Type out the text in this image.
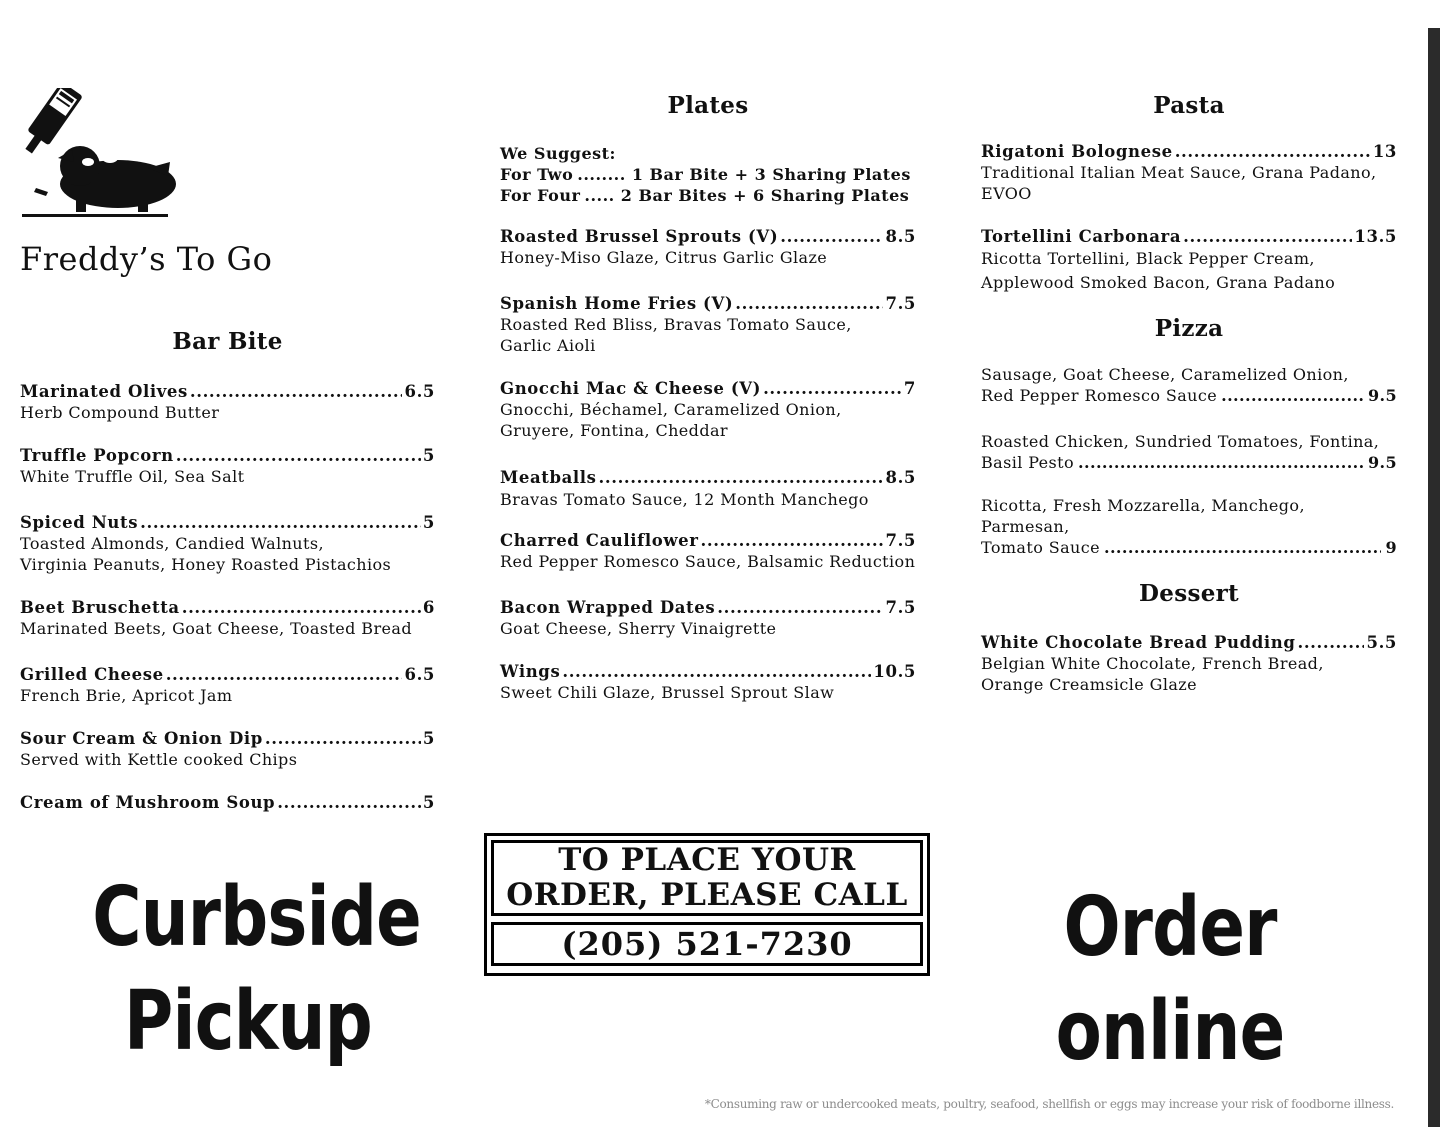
Freddy’s To Go
Bar Bite
Marinated Olives .....	6.5
Herb Compound Butter
Truffle Popcorn .....	5
White Truffle Oil, Sea Salt
Spiced Nuts .....	5
Toasted Almonds, Candied Walnuts,
Virginia Peanuts, Honey Roasted Pistachios
Beet Bruschetta .....	6
Marinated Beets, Goat Cheese, Toasted Bread
Grilled Cheese .....	6.5
French Brie, Apricot Jam
Sour Cream & Onion Dip .....	5
Served with Kettle cooked Chips
Cream of Mushroom Soup .....	5
Plates
Roasted Brussel Sprouts (V) .....	8.5
Honey-Miso Glaze, Citrus Garlic Glaze
Spanish Home Fries (V) .....	7.5
Roasted Red Bliss, Bravas Tomato Sauce,
Garlic Aioli
Gnocchi Mac & Cheese (V) .....	7
Gnocchi, Béchamel, Caramelized Onion,
Gruyere, Fontina, Cheddar
Meatballs .....	8.5
Bravas Tomato Sauce, 12 Month Manchego
Charred Cauliflower .....	7.5
Red Pepper Romesco Sauce, Balsamic Reduction
Bacon Wrapped Dates .....	7.5
Goat Cheese, Sherry Vinaigrette
Wings .....	10.5
Sweet Chili Glaze, Brussel Sprout Slaw
We Suggest:
For Two ........ 1 Bar Bite + 3 Sharing Plates
For Four ..... 2 Bar Bites + 6 Sharing Plates
Pasta
Rigatoni Bolognese .....	13
Traditional Italian Meat Sauce, Grana Padano,
EVOO
Tortellini Carbonara .....	13.5
Ricotta Tortellini, Black Pepper Cream,
Applewood Smoked Bacon, Grana Padano
Pizza
Sausage, Goat Cheese, Caramelized Onion,
Red Pepper Romesco Sauce .....	9.5
Roasted Chicken, Sundried Tomatoes, Fontina,
Basil Pesto .....	9.5
Ricotta, Fresh Mozzarella, Manchego, Parmesan,
Tomato Sauce .....	9
Dessert
White Chocolate Bread Pudding .....	5.5
Belgian White Chocolate, French Bread,
Orange Creamsicle Glaze
Curbside
Pickup
Order
online
TO PLACE YOUR
ORDER, PLEASE CALL
(205) 521-7230
*Consuming raw or undercooked meats, poultry, seafood, shellfish or eggs may increase your risk of foodborne illness.
